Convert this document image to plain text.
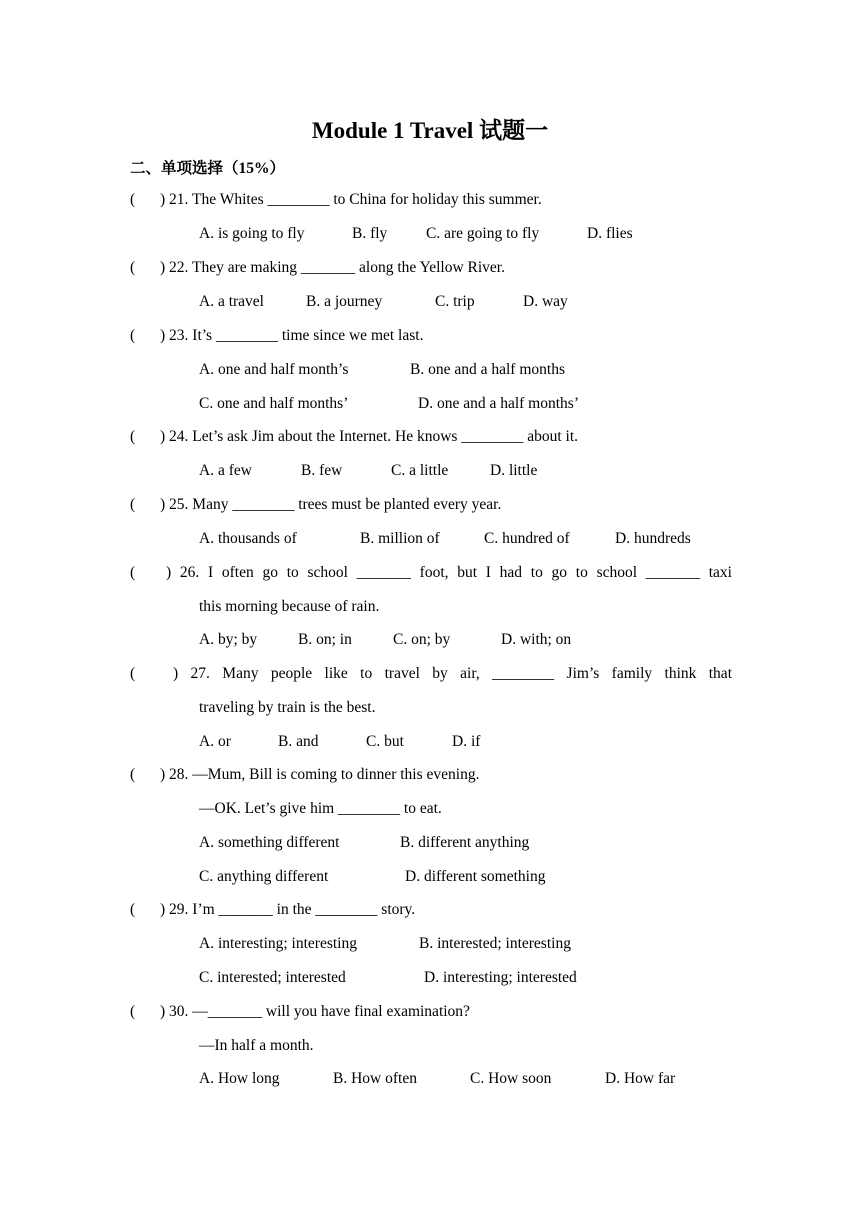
Module 1 Travel 试题一
二、单项选择（15%）
( ) 21. The Whites ________ to China for holiday this summer.
A. is going to fly	B. fly C. are going to fly	D. flies
( ) 22. They are making _______ along the Yellow River.
A. a travel	B. a journey	C. trip	D. way
( ) 23. It’s ________ time since we met last.
A. one and half month’s	B. one and a half months
C. one and half months’	D. one and a half months’
( ) 24. Let’s ask Jim about the Internet. He knows ________ about it.
A. a few	B. few	C. a little	D. little
( ) 25. Many ________ trees must be planted every year.
A. thousands of	B. million of	C. hundred of	D. hundreds
( ) 26. I often go to school _______ foot, but I had to go to school _______ taxi
this morning because of rain.
A. by; by	B. on; in	C. on; by	D. with; on
( ) 27. Many people like to travel by air, ________ Jim’s family think that
traveling by train is the best.
A. or	B. and	C. but	D. if
( ) 28. —Mum, Bill is coming to dinner this evening.
—OK. Let’s give him ________ to eat.
A. something different	B. different anything
C. anything different	D. different something
( ) 29. I’m _______ in the ________ story.
A. interesting; interesting	B. interested; interesting
C. interested; interested	D. interesting; interested
( ) 30. —_______ will you have final examination?
—In half a month.
A. How long	B. How often	C. How soon	D. How far
